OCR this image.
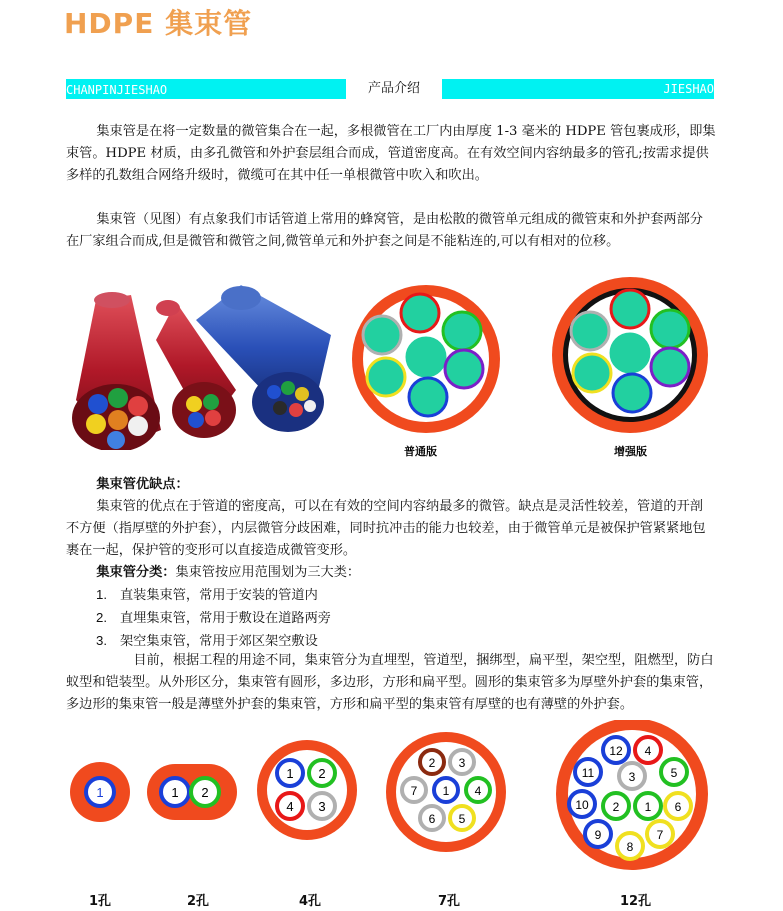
HDPE 集束管
CHANPINJIESHAO	产品介绍	JIESHAO
集束管是在将一定数量的微管集合在一起，多根微管在工厂内由厚度 1-3 毫米的 HDPE 管包裹成形，即集束管。HDPE 材质，由多孔微管和外护套层组合而成，管道密度高。在有效空间内容纳最多的管孔;按需求提供多样的孔数组合网络升级时，微缆可在其中任一单根微管中吹入和吹出。
集束管（见图）有点象我们市话管道上常用的蜂窝管，是由松散的微管单元组成的微管束和外护套两部分在厂家组合而成,但是微管和微管之间,微管单元和外护套之间是不能粘连的,可以有相对的位移。
普通版	增强版
集束管优缺点：
集束管的优点在于管道的密度高，可以在有效的空间内容纳最多的微管。缺点是灵活性较差，管道的开剖不方便（指厚壁的外护套），内层微管分歧困难，同时抗冲击的能力也较差，由于微管单元是被保护管紧紧地包裹在一起，保护管的变形可以直接造成微管变形。
集束管分类：集束管按应用范围划为三大类：
1. 直装集束管，常用于安装的管道内
2. 直埋集束管，常用于敷设在道路两旁
3. 架空集束管，常用于郊区架空敷设
目前，根据工程的用途不同，集束管分为直埋型，管道型，捆绑型，扁平型，架空型，阻燃型，防白蚁型和铠装型。从外形区分，集束管有圆形，多边形，方形和扁平型。圆形的集束管多为厚壁外护套的集束管，多边形的集束管一般是薄壁外护套的集束管，方形和扁平型的集束管有厚壁的也有薄壁的外护套。
1	1 2
1 2
4 3
2 3
7 1 4
6 5
12 4
11	3	5
10 2 1 6
9
8
7
1孔	2孔	4孔	7孔	12孔
